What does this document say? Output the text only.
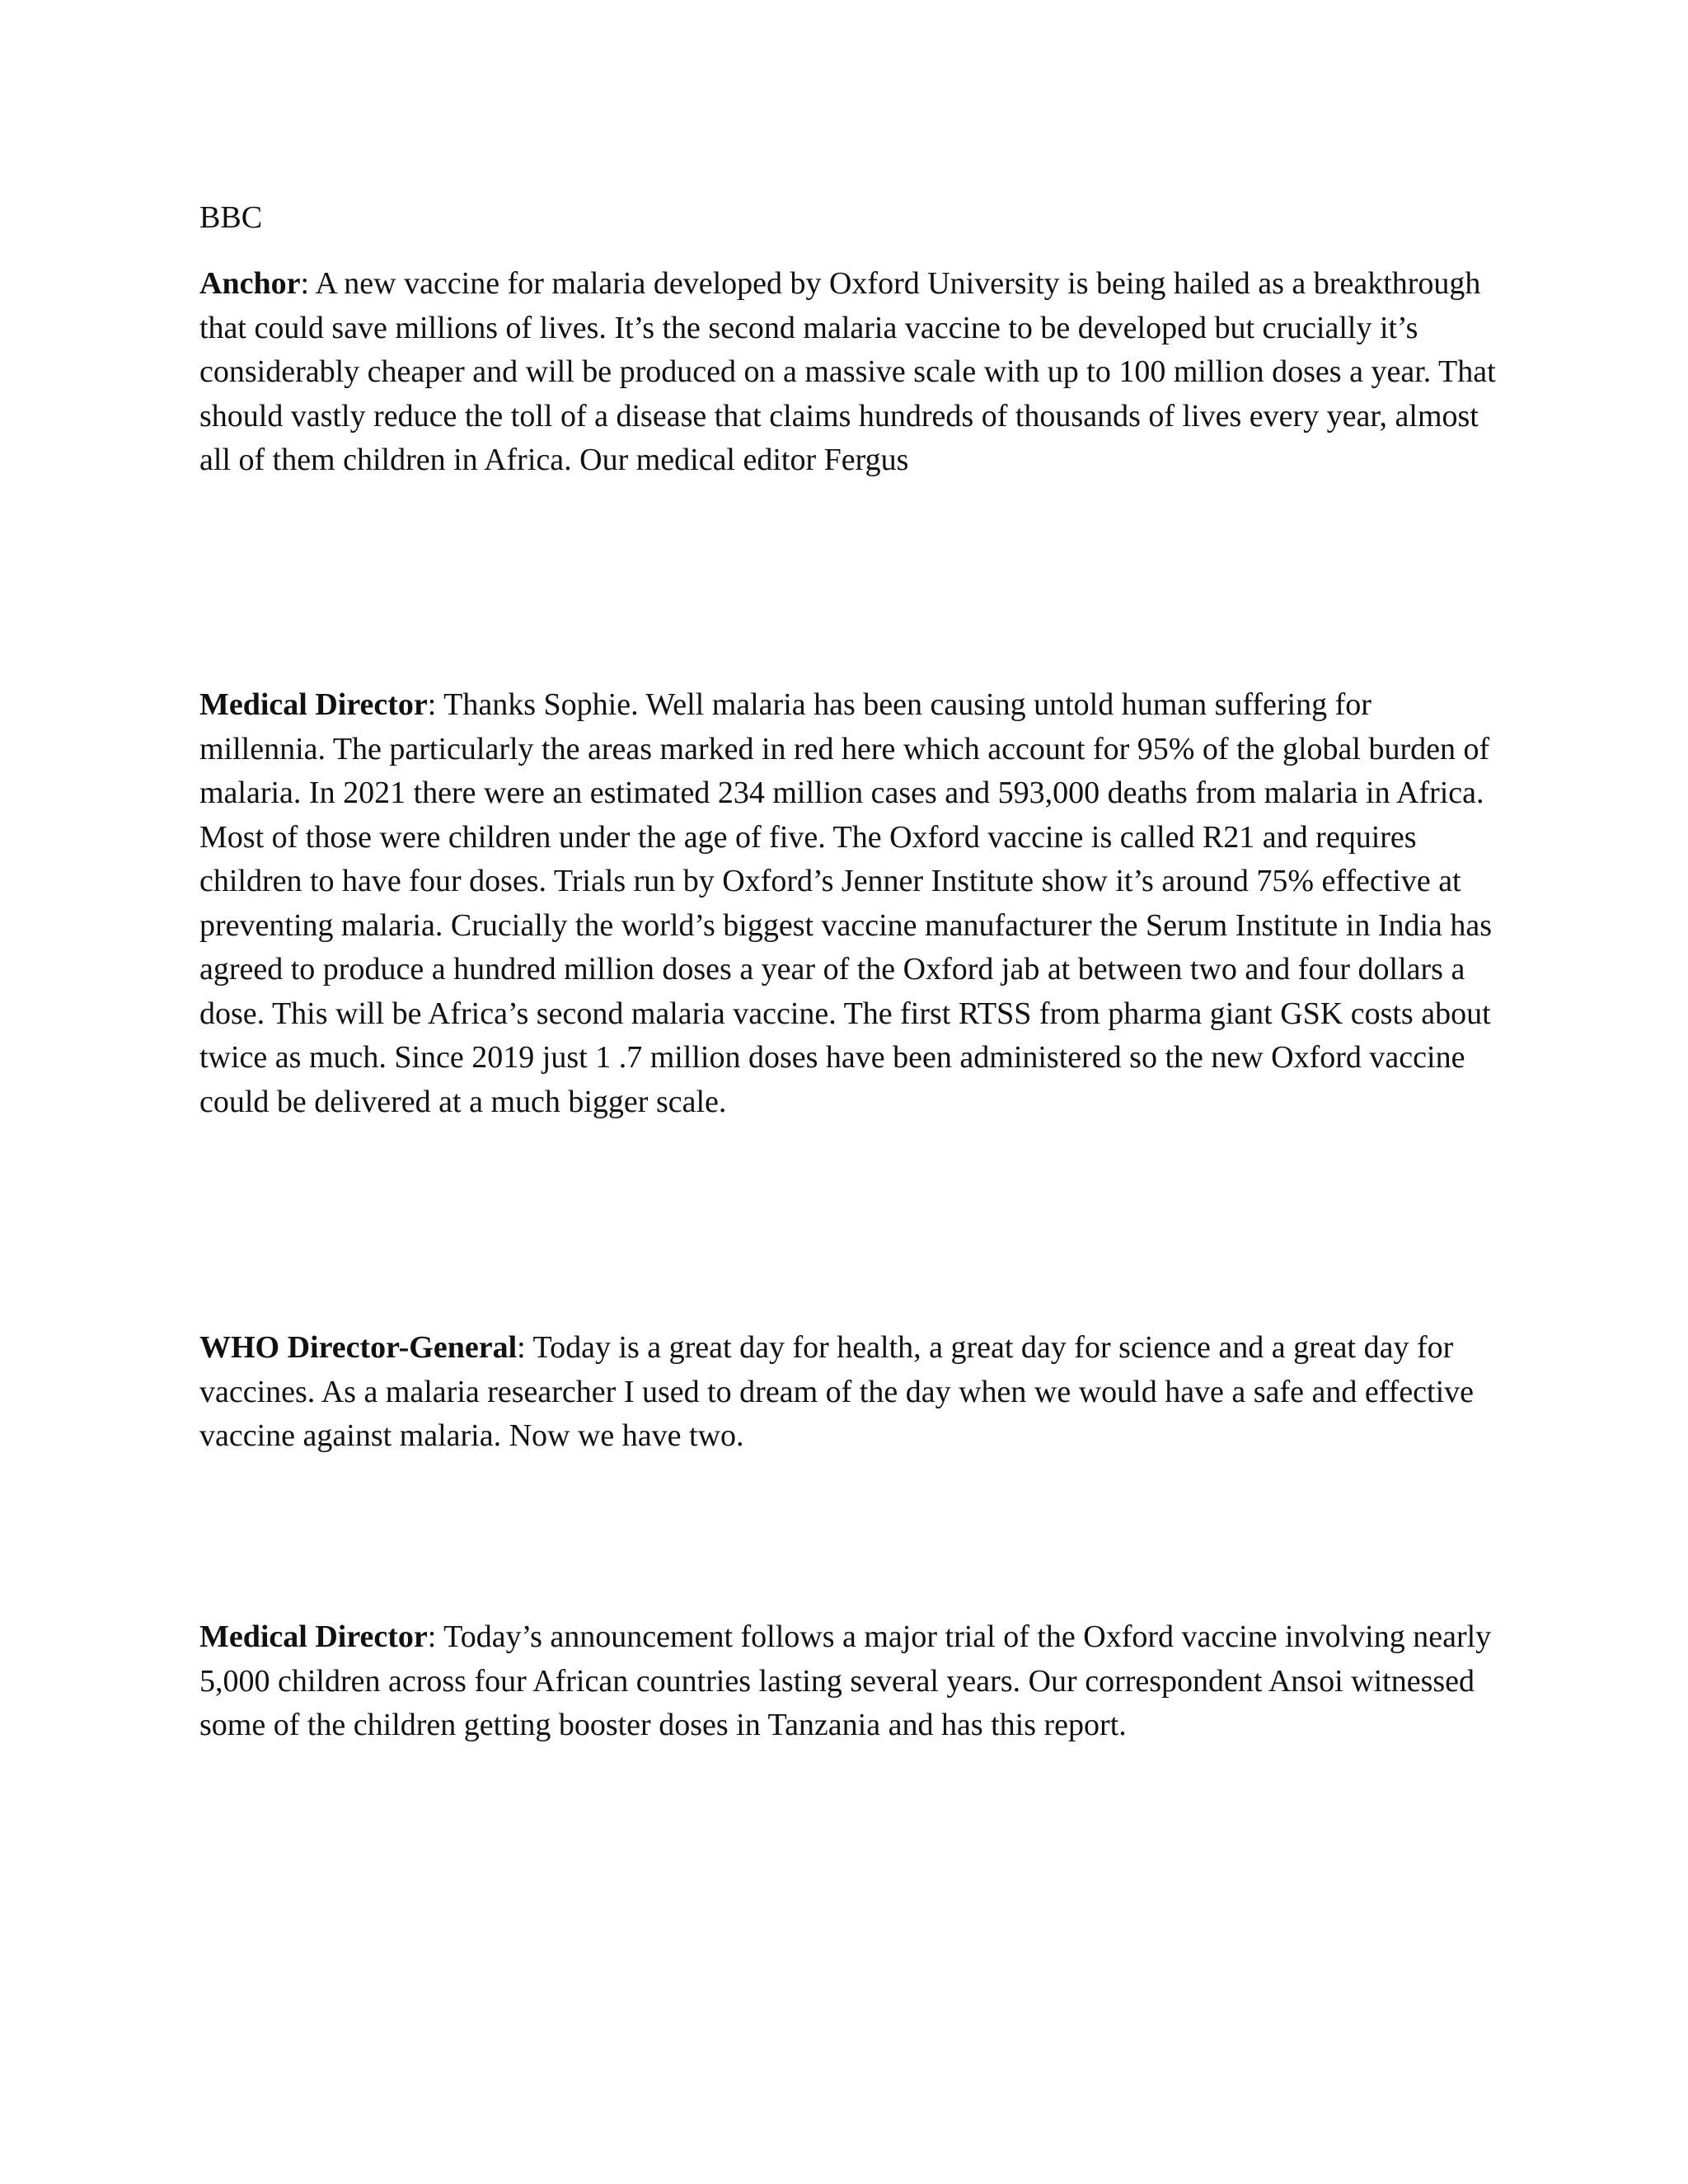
BBC

Anchor: A new vaccine for malaria developed by Oxford University is being hailed as a breakthrough that could save millions of lives. It’s the second malaria vaccine to be developed but crucially it’s considerably cheaper and will be produced on a massive scale with up to 100 million doses a year. That should vastly reduce the toll of a disease that claims hundreds of thousands of lives every year, almost all of them children in Africa. Our medical editor Fergus

Medical Director: Thanks Sophie. Well malaria has been causing untold human suffering for millennia. The particularly the areas marked in red here which account for 95% of the global burden of malaria. In 2021 there were an estimated 234 million cases and 593,000 deaths from malaria in Africa. Most of those were children under the age of five. The Oxford vaccine is called R21 and requires children to have four doses. Trials run by Oxford’s Jenner Institute show it’s around 75% effective at preventing malaria. Crucially the world’s biggest vaccine manufacturer the Serum Institute in India has agreed to produce a hundred million doses a year of the Oxford jab at between two and four dollars a dose. This will be Africa’s second malaria vaccine. The first RTSS from pharma giant GSK costs about twice as much. Since 2019 just 1 .7 million doses have been administered so the new Oxford vaccine could be delivered at a much bigger scale.

WHO Director-General: Today is a great day for health, a great day for science and a great day for vaccines. As a malaria researcher I used to dream of the day when we would have a safe and effective vaccine against malaria. Now we have two.

Medical Director: Today’s announcement follows a major trial of the Oxford vaccine involving nearly 5,000 children across four African countries lasting several years. Our correspondent Ansoi witnessed some of the children getting booster doses in Tanzania and has this report.
